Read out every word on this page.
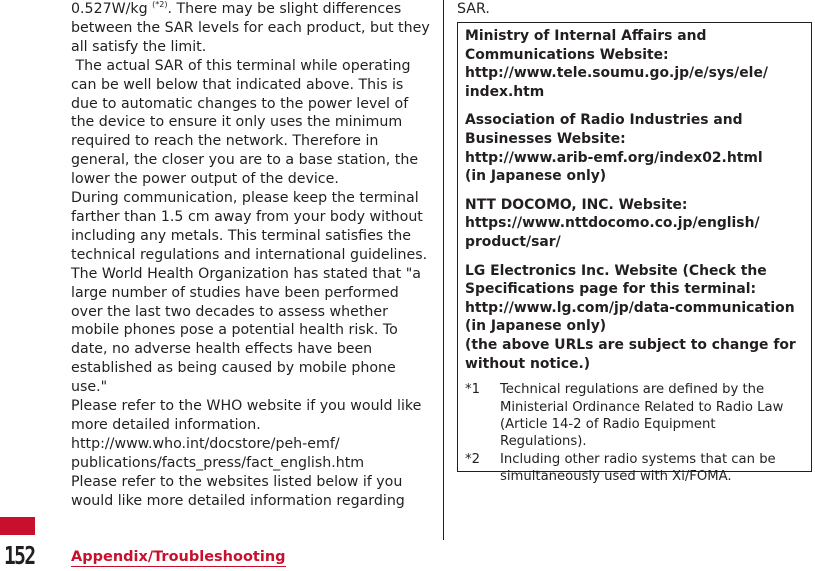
0.527W/kg $^{(*2)}$. There may be slight differences between the SAR levels for each product, but they all satisfy the limit.

The actual SAR of this terminal while operating can be well below that indicated above. This is due to automatic changes to the power level of the device to ensure it only uses the minimum required to reach the network. Therefore in general, the closer you are to a base station, the lower the power output of the device.

During communication, please keep the terminal farther than 1.5 cm away from your body without including any metals. This terminal satisfies the technical regulations and international guidelines.

The World Health Organization has stated that "a large number of studies have been performed over the last two decades to assess whether mobile phones pose a potential health risk. To date, no adverse health effects have been established as being caused by mobile phone use."

Please refer to the WHO website if you would like more detailed information.

http://www.who.int/docstore/peh-emf/
publications/facts_press/fact_english.htm

Please refer to the websites listed below if you would like more detailed information regarding

SAR.

Ministry of Internal Affairs and
Communications Website:
http://www.tele.soumu.go.jp/e/sys/ele/
index.htm
Association of Radio Industries and
Businesses Website:
http://www.arib-emf.org/index02.html
(in Japanese only)
NTT DOCOMO, INC. Website:
https://www.nttdocomo.co.jp/english/
product/sar/
LG Electronics Inc. Website (Check the
Specifications page for this terminal:
http://www.lg.com/jp/data-communication
(in Japanese only)
(the above URLs are subject to change for
without notice.)
*1	Technical regulations are defined by the Ministerial Ordinance Related to Radio Law (Article 14-2 of Radio Equipment Regulations).
*2	Including other radio systems that can be simultaneously used with Xi/FOMA.
152	Appendix/Troubleshooting
